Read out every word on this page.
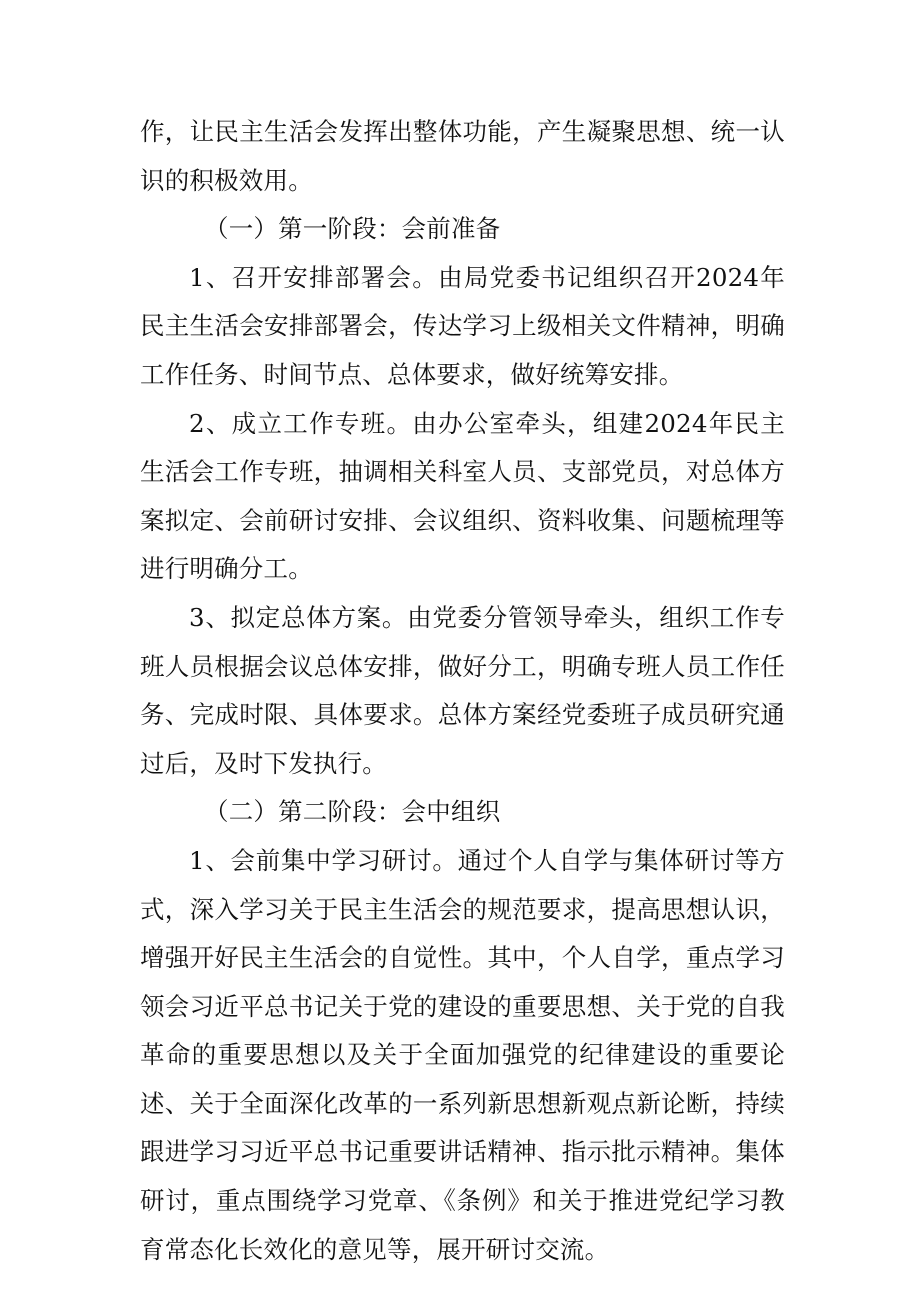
作，让民主生活会发挥出整体功能，产生凝聚思想、统一认识的积极效用。

（一）第一阶段：会前准备

1、召开安排部署会。由局党委书记组织召开2024年民主生活会安排部署会，传达学习上级相关文件精神，明确工作任务、时间节点、总体要求，做好统筹安排。

2、成立工作专班。由办公室牵头，组建2024年民主生活会工作专班，抽调相关科室人员、支部党员，对总体方案拟定、会前研讨安排、会议组织、资料收集、问题梳理等进行明确分工。

3、拟定总体方案。由党委分管领导牵头，组织工作专班人员根据会议总体安排，做好分工，明确专班人员工作任务、完成时限、具体要求。总体方案经党委班子成员研究通过后，及时下发执行。

（二）第二阶段：会中组织

1、会前集中学习研讨。通过个人自学与集体研讨等方式，深入学习关于民主生活会的规范要求，提高思想认识，增强开好民主生活会的自觉性。其中，个人自学，重点学习领会习近平总书记关于党的建设的重要思想、关于党的自我革命的重要思想以及关于全面加强党的纪律建设的重要论述、关于全面深化改革的一系列新思想新观点新论断，持续跟进学习习近平总书记重要讲话精神、指示批示精神。集体研讨，重点围绕学习党章、《条例》和关于推进党纪学习教育常态化长效化的意见等，展开研讨交流。
